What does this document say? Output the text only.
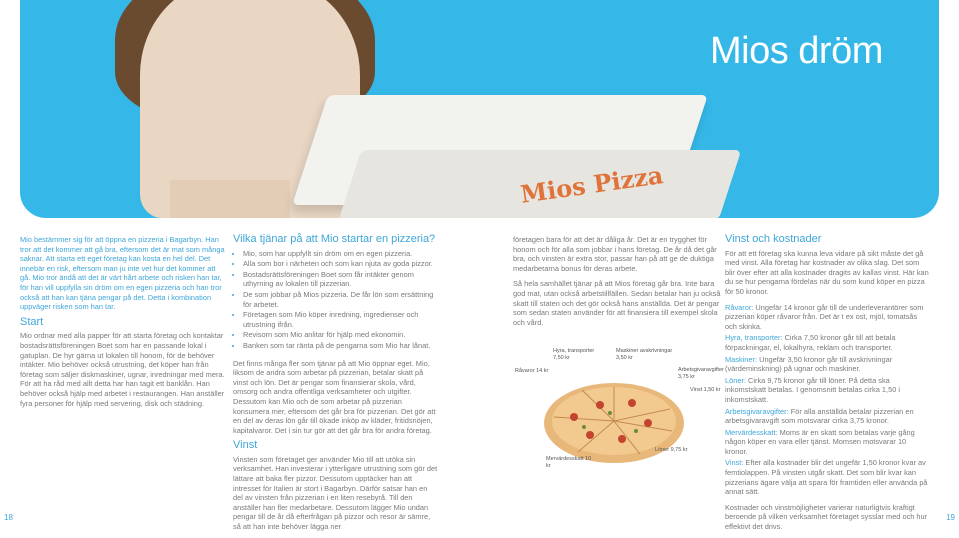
Mios Pizza
Mios dröm

Mio bestämmer sig för att öppna en pizzeria i Bagarbyn. Han tror att det kommer att gå bra, eftersom det är mat som många saknar. Att starta ett eget företag kan kosta en hel del. Det innebär en risk, eftersom man ju inte vet hur det kommer att gå. Mio tror ändå att det är värt hårt arbete och risken han tar, för han vill uppfylla sin dröm om en egen pizzeria och han tror också att han kan tjäna pengar på det. Detta i kombination uppväger risken som han tar.

Start

Mio ordnar med alla papper för att starta företag och kontaktar bostadsrättsföreningen Boet som har en passande lokal i gatuplan. De hyr gärna ut lokalen till honom, för de behöver intäkter. Mio behöver också utrustning, det köper han från företag som säljer diskmaskiner, ugnar, inredningar med mera. För att ha råd med allt detta har han tagit ett banklån. Han behöver också hjälp med arbetet i restaurangen. Han anställer fyra personer för hjälp med servering, disk och städning.

Vilka tjänar på att Mio startar en pizzeria?
• Mio, som har uppfyllt sin dröm om en egen pizzeria.
• Alla som bor i närheten och som kan njuta av goda pizzor.
• Bostadsrättsföreningen Boet som får intäkter genom uthyrning av lokalen till pizzerian.
• De som jobbar på Mios pizzeria. De får lön som ersättning för arbetet.
• Företagen som Mio köper inredning, ingredienser och utrustning ifrån.
• Revisorn som Mio anlitar för hjälp med ekonomin.
• Banken som tar ränta på de pengarna som Mio har lånat.

Det finns många fler som tjänar på att Mio öppnar eget. Mio, liksom de andra som arbetar på pizzerian, betalar skatt på vinst och lön. Det är pengar som finansierar skola, vård, omsorg och andra offentliga verksamheter och utgifter. Dessutom kan Mio och de som arbetar på pizzerian konsumera mer, eftersom det går bra för pizzerian. Det gör att en del av deras lön går till ökade inköp av kläder, fritidsnöjen, kapitalvaror. Det i sin tur gör att det går bra för andra företag.

Vinst

Vinsten som företaget ger använder Mio till att utöka sin verksamhet. Han investerar i ytterligare utrustning som gör det lättare att baka fler pizzor. Dessutom upptäcker han att intresset för Italien är stort i Bagarbyn. Därför satsar han en del av vinsten från pizzerian i en liten resebyrå. Till den anställer han fler medarbetare. Dessutom lägger Mio undan pengar till de år då efterfrågan på pizzor och resor är sämre, så att han inte behöver lägga ner

företagen bara för att det är dåliga år. Det är en trygghet för honom och för alla som jobbar i hans företag. De år då det går bra, och vinsten är extra stor, passar han på att ge de duktiga medarbetarna bonus för deras arbete.

Så hela samhället tjänar på att Mios företag går bra. Inte bara god mat, utan också arbetstillfällen. Sedan betalar han ju också skatt till staten och det gör också hans anställda. Det är pengar som sedan staten använder för att finansiera till exempel skola och vård.

Råvaror 14 kr
Hyra, transporter 7,50 kr
Maskiner avskrivningar 3,50 kr
Arbetsgivaravgifter 3,75 kr
Vinst 1,50 kr
Löner 9,75 kr
Mervärdesskatt 10 kr
Vinst och kostnader

För att ett företag ska kunna leva vidare på sikt måste det gå med vinst. Alla företag har kostnader av olika slag. Det som blir över efter att alla kostnader dragits av kallas vinst. Här kan du se hur pengarna fördelas när du som kund köper en pizza för 50 kronor.

Råvaror: Ungefär 14 kronor går till de underleverantörer som pizzerian köper råvaror från. Det är t ex ost, mjöl, tomatsås och skinka.

Hyra, transporter: Cirka 7,50 kronor går till att betala förpackningar, el, lokalhyra, reklam och transporter.

Maskiner: Ungefär 3,50 kronor går till avskrivningar (värdeminskning) på ugnar och maskiner.

Löner: Cirka 9,75 kronor går till löner. På detta ska inkomstskatt betalas. I genomsnitt betalas cirka 1,50 i inkomstskatt.

Arbetsgivaravgifter: För alla anställda betalar pizzerian en arbetsgivaravgift som motsvarar cirka 3,75 kronor.

Mervärdesskatt: Moms är en skatt som betalas varje gång någon köper en vara eller tjänst. Momsen motsvarar 10 kronor.

Vinst: Efter alla kostnader blir det ungefär 1,50 kronor kvar av femtiolappen. På vinsten utgår skatt. Det som blir kvar kan pizzerians ägare välja att spara för framtiden eller använda på annat sätt.

Kostnader och vinstmöjligheter varierar naturligtvis kraftigt beroende på vilken verksamhet företaget sysslar med och hur effektivt det drivs.

18	19
